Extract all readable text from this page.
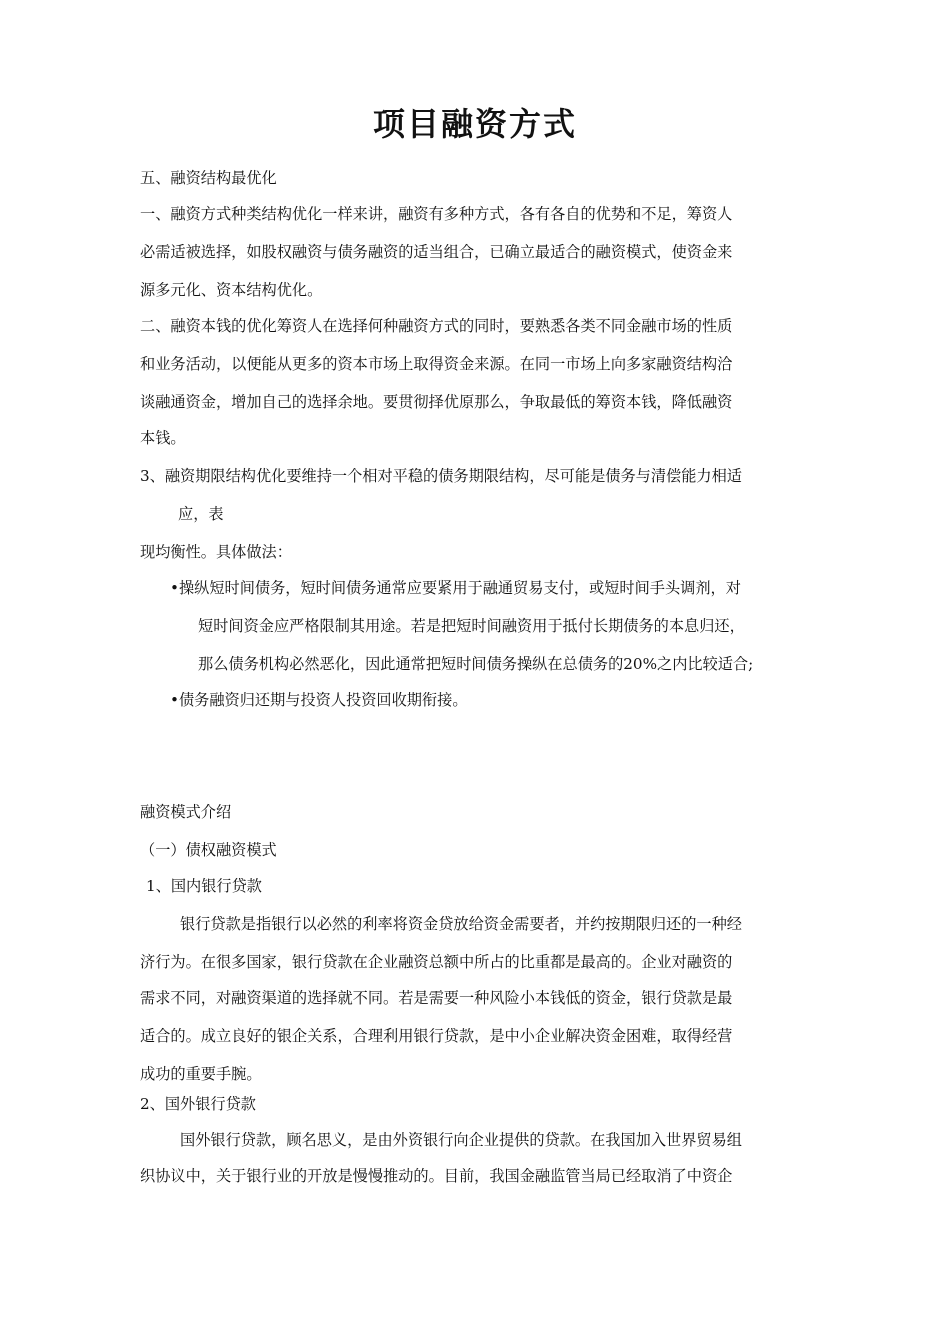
项目融资方式
五、融资结构最优化
一、融资方式种类结构优化一样来讲，融资有多种方式，各有各自的优势和不足，筹资人
必需适被选择，如股权融资与债务融资的适当组合，已确立最适合的融资模式，使资金来
源多元化、资本结构优化。
二、融资本钱的优化筹资人在选择何种融资方式的同时，要熟悉各类不同金融市场的性质
和业务活动，以便能从更多的资本市场上取得资金来源。在同一市场上向多家融资结构洽
谈融通资金，增加自己的选择余地。要贯彻择优原那么，争取最低的筹资本钱，降低融资
本钱。
3、融资期限结构优化要维持一个相对平稳的债务期限结构，尽可能是债务与清偿能力相适
应，表
现均衡性。具体做法：
•操纵短时间债务，短时间债务通常应要紧用于融通贸易支付，或短时间手头调剂，对
短时间资金应严格限制其用途。若是把短时间融资用于抵付长期债务的本息归还，
那么债务机构必然恶化，因此通常把短时间债务操纵在总债务的20%之内比较适合;
•债务融资归还期与投资人投资回收期衔接。
融资模式介绍
（一）债权融资模式
1、国内银行贷款
银行贷款是指银行以必然的利率将资金贷放给资金需要者，并约按期限归还的一种经
济行为。在很多国家，银行贷款在企业融资总额中所占的比重都是最高的。企业对融资的
需求不同，对融资渠道的选择就不同。若是需要一种风险小本钱低的资金，银行贷款是最
适合的。成立良好的银企关系，合理利用银行贷款，是中小企业解决资金困难，取得经营
成功的重要手腕。
2、国外银行贷款
国外银行贷款，顾名思义，是由外资银行向企业提供的贷款。在我国加入世界贸易组
织协议中，关于银行业的开放是慢慢推动的。目前，我国金融监管当局已经取消了中资企
